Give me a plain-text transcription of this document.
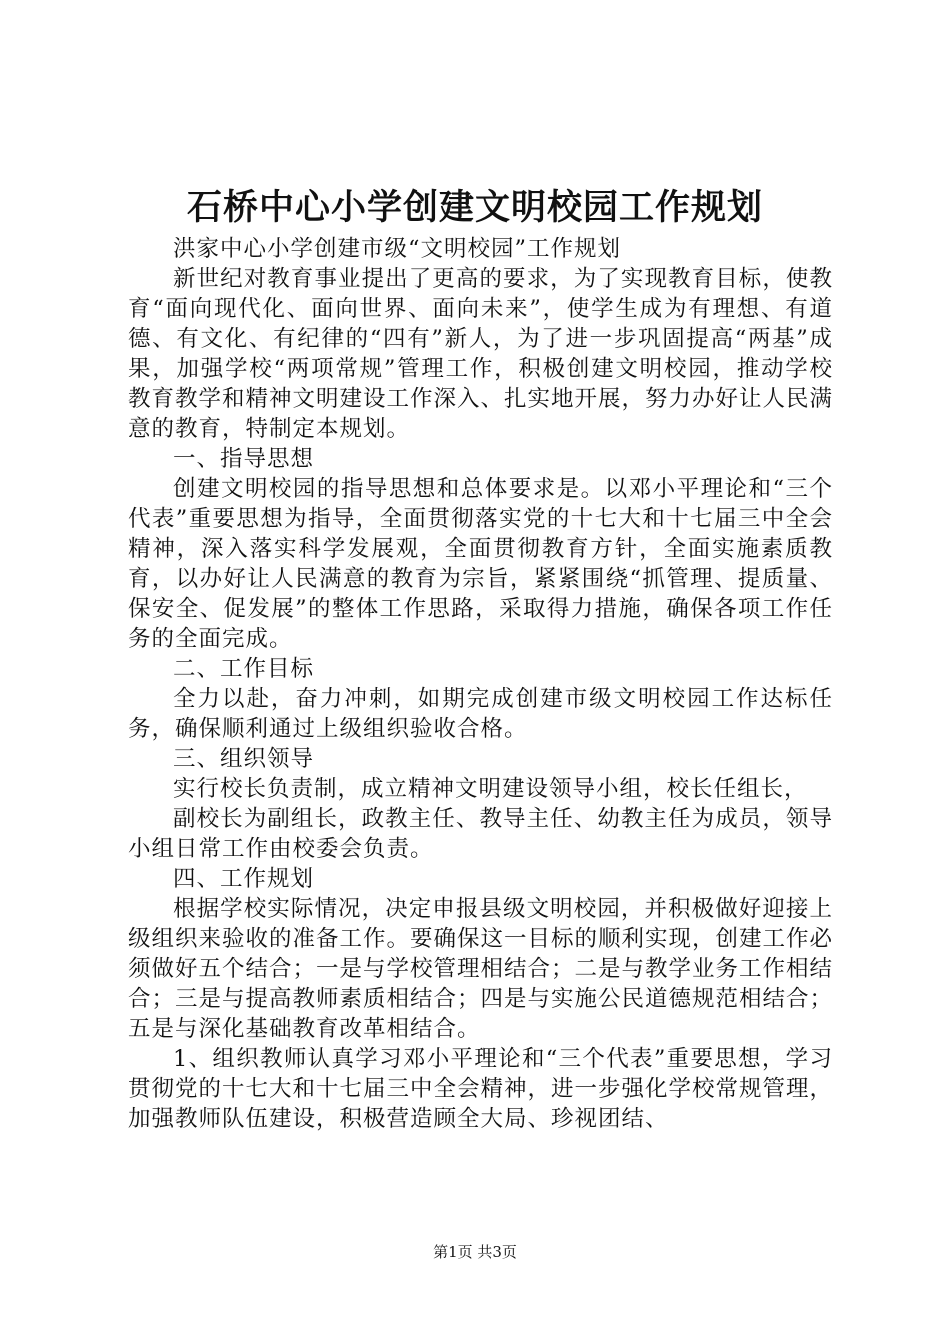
石桥中心小学创建文明校园工作规划

洪家中心小学创建市级“文明校园”工作规划

新世纪对教育事业提出了更高的要求，为了实现教育目标，使教育“面向现代化、面向世界、面向未来”，使学生成为有理想、有道德、有文化、有纪律的“四有”新人，为了进一步巩固提高“两基”成果，加强学校“两项常规”管理工作，积极创建文明校园，推动学校教育教学和精神文明建设工作深入、扎实地开展，努力办好让人民满意的教育，特制定本规划。

一、指导思想

创建文明校园的指导思想和总体要求是。以邓小平理论和“三个代表”重要思想为指导，全面贯彻落实党的十七大和十七届三中全会精神，深入落实科学发展观，全面贯彻教育方针，全面实施素质教育，以办好让人民满意的教育为宗旨，紧紧围绕“抓管理、提质量、保安全、促发展”的整体工作思路，采取得力措施，确保各项工作任务的全面完成。

二、工作目标

全力以赴，奋力冲刺，如期完成创建市级文明校园工作达标任务，确保顺利通过上级组织验收合格。

三、组织领导

实行校长负责制，成立精神文明建设领导小组，校长任组长，

副校长为副组长，政教主任、教导主任、幼教主任为成员，领导小组日常工作由校委会负责。

四、工作规划

根据学校实际情况，决定申报县级文明校园，并积极做好迎接上级组织来验收的准备工作。要确保这一目标的顺利实现，创建工作必须做好五个结合；一是与学校管理相结合；二是与教学业务工作相结合；三是与提高教师素质相结合；四是与实施公民道德规范相结合；五是与深化基础教育改革相结合。

1、组织教师认真学习邓小平理论和“三个代表”重要思想，学习贯彻党的十七大和十七届三中全会精神，进一步强化学校常规管理，加强教师队伍建设，积极营造顾全大局、珍视团结、

第1页 共3页
